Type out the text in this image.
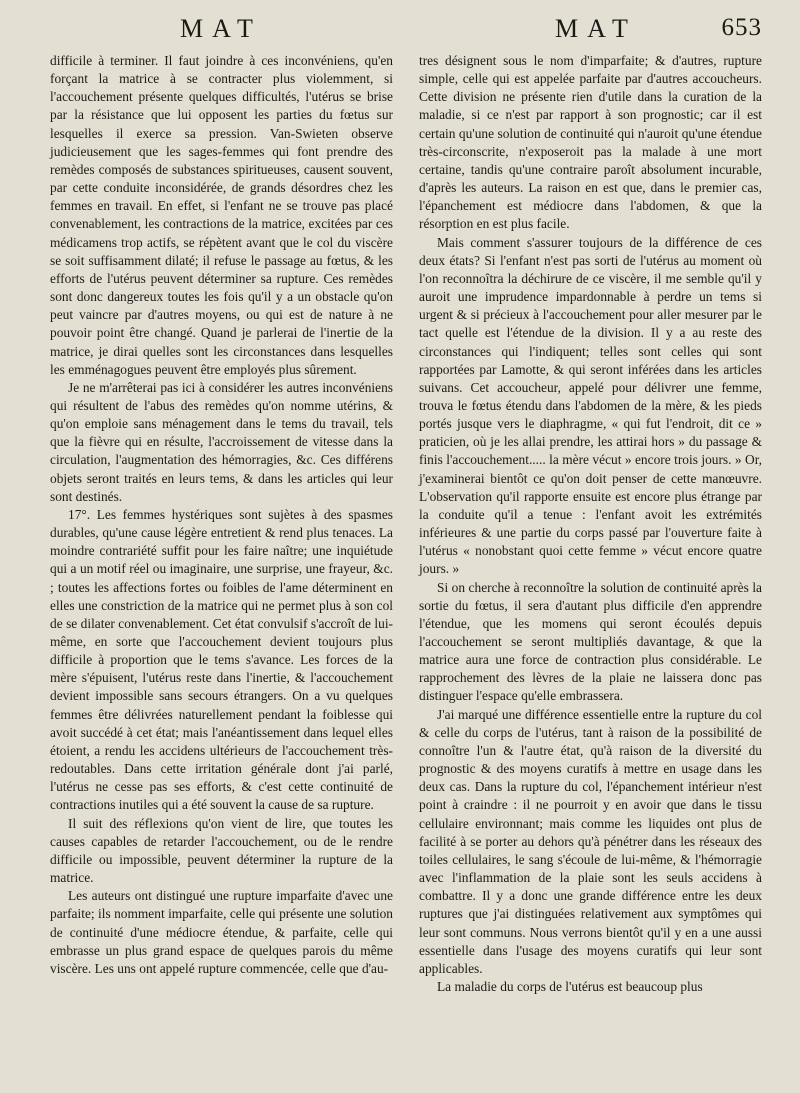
MAT	MAT	653

difficile à terminer. Il faut joindre à ces inconvéniens, qu'en forçant la matrice à se contracter plus violemment, si l'accouchement présente quelques difficultés, l'utérus se brise par la résistance que lui opposent les parties du fœtus sur lesquelles il exerce sa pression. Van-Swieten observe judicieusement que les sages-femmes qui font prendre des remèdes composés de substances spiritueuses, causent souvent, par cette conduite inconsidérée, de grands désordres chez les femmes en travail. En effet, si l'enfant ne se trouve pas placé convenablement, les contractions de la matrice, excitées par ces médicamens trop actifs, se répètent avant que le col du viscère se soit suffisamment dilaté; il refuse le passage au fœtus, & les efforts de l'utérus peuvent déterminer sa rupture. Ces remèdes sont donc dangereux toutes les fois qu'il y a un obstacle qu'on peut vaincre par d'autres moyens, ou qui est de nature à ne pouvoir point être changé. Quand je parlerai de l'inertie de la matrice, je dirai quelles sont les circonstances dans lesquelles les emménagogues peuvent être employés plus sûrement.

Je ne m'arrêterai pas ici à considérer les autres inconvéniens qui résultent de l'abus des remèdes qu'on nomme utérins, & qu'on emploie sans ménagement dans le tems du travail, tels que la fièvre qui en résulte, l'accroissement de vitesse dans la circulation, l'augmentation des hémorragies, &c. Ces différens objets seront traités en leurs tems, & dans les articles qui leur sont destinés.

17°. Les femmes hystériques sont sujètes à des spasmes durables, qu'une cause légère entretient & rend plus tenaces. La moindre contrariété suffit pour les faire naître; une inquiétude qui a un motif réel ou imaginaire, une surprise, une frayeur, &c. ; toutes les affections fortes ou foibles de l'ame déterminent en elles une constriction de la matrice qui ne permet plus à son col de se dilater convenablement. Cet état convulsif s'accroît de lui-même, en sorte que l'accouchement devient toujours plus difficile à proportion que le tems s'avance. Les forces de la mère s'épuisent, l'utérus reste dans l'inertie, & l'accouchement devient impossible sans secours étrangers. On a vu quelques femmes être délivrées naturellement pendant la foiblesse qui avoit succédé à cet état; mais l'anéantissement dans lequel elles étoient, a rendu les accidens ultérieurs de l'accouchement très-redoutables. Dans cette irritation générale dont j'ai parlé, l'utérus ne cesse pas ses efforts, & c'est cette continuité de contractions inutiles qui a été souvent la cause de sa rupture.

Il suit des réflexions qu'on vient de lire, que toutes les causes capables de retarder l'accouchement, ou de le rendre difficile ou impossible, peuvent déterminer la rupture de la matrice.

Les auteurs ont distingué une rupture imparfaite d'avec une parfaite; ils nomment imparfaite, celle qui présente une solution de continuité d'une médiocre étendue, & parfaite, celle qui embrasse un plus grand espace de quelques parois du même viscère. Les uns ont appelé rupture commencée, celle que d'au-

tres désignent sous le nom d'imparfaite; & d'autres, rupture simple, celle qui est appelée parfaite par d'autres accoucheurs. Cette division ne présente rien d'utile dans la curation de la maladie, si ce n'est par rapport à son prognostic; car il est certain qu'une solution de continuité qui n'auroit qu'une étendue très-circonscrite, n'exposeroit pas la malade à une mort certaine, tandis qu'une contraire paroît absolument incurable, d'après les auteurs. La raison en est que, dans le premier cas, l'épanchement est médiocre dans l'abdomen, & que la résorption en est plus facile.

Mais comment s'assurer toujours de la différence de ces deux états? Si l'enfant n'est pas sorti de l'utérus au moment où l'on reconnoîtra la déchirure de ce viscère, il me semble qu'il y auroit une imprudence impardonnable à perdre un tems si urgent & si précieux à l'accouchement pour aller mesurer par le tact quelle est l'étendue de la division. Il y a au reste des circonstances qui l'indiquent; telles sont celles qui sont rapportées par Lamotte, & qui seront inférées dans les articles suivans. Cet accoucheur, appelé pour délivrer une femme, trouva le fœtus étendu dans l'abdomen de la mère, & les pieds portés jusque vers le diaphragme, « qui fut l'endroit, dit ce » praticien, où je les allai prendre, les attirai hors » du passage & finis l'accouchement..... la mère vécut » encore trois jours. » Or, j'examinerai bientôt ce qu'on doit penser de cette manœuvre. L'observation qu'il rapporte ensuite est encore plus étrange par la conduite qu'il a tenue : l'enfant avoit les extrémités inférieures & une partie du corps passé par l'ouverture faite à l'utérus « nonobstant quoi cette femme » vécut encore quatre jours. »

Si on cherche à reconnoître la solution de continuité après la sortie du fœtus, il sera d'autant plus difficile d'en apprendre l'étendue, que les momens qui seront écoulés depuis l'accouchement se seront multipliés davantage, & que la matrice aura une force de contraction plus considérable. Le rapprochement des lèvres de la plaie ne laissera donc pas distinguer l'espace qu'elle embrassera.

J'ai marqué une différence essentielle entre la rupture du col & celle du corps de l'utérus, tant à raison de la possibilité de connoître l'un & l'autre état, qu'à raison de la diversité du prognostic & des moyens curatifs à mettre en usage dans les deux cas. Dans la rupture du col, l'épanchement intérieur n'est point à craindre : il ne pourroit y en avoir que dans le tissu cellulaire environnant; mais comme les liquides ont plus de facilité à se porter au dehors qu'à pénétrer dans les réseaux des toiles cellulaires, le sang s'écoule de lui-même, & l'hémorragie avec l'inflammation de la plaie sont les seuls accidens à combattre. Il y a donc une grande différence entre les deux ruptures que j'ai distinguées relativement aux symptômes qui leur sont communs. Nous verrons bientôt qu'il y en a une aussi essentielle dans l'usage des moyens curatifs qui leur sont applicables.

La maladie du corps de l'utérus est beaucoup plus
